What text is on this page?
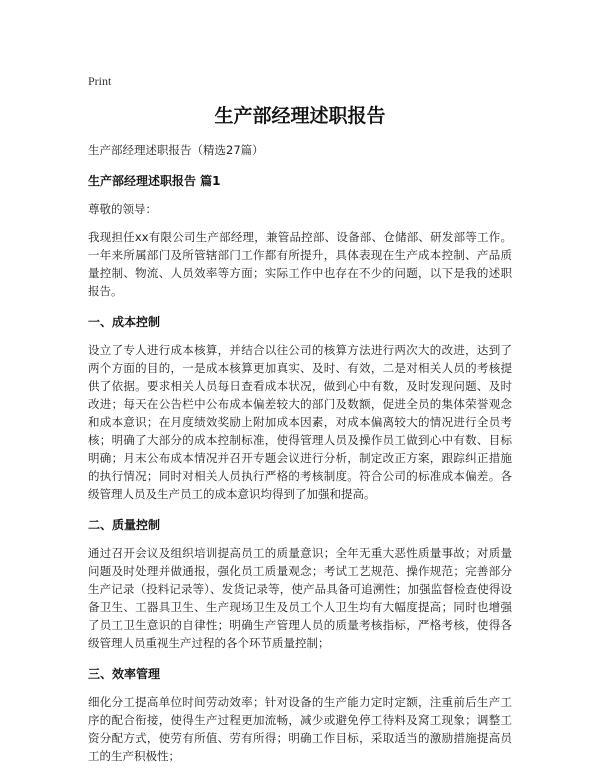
Print
生产部经理述职报告
生产部经理述职报告（精选27篇）
生产部经理述职报告 篇1
尊敬的领导：
我现担任xx有限公司生产部经理，兼管品控部、设备部、仓储部、研发部等工作。一年来所属部门及所管辖部门工作都有所提升，具体表现在生产成本控制、产品质量控制、物流、人员效率等方面；实际工作中也存在不少的问题，以下是我的述职报告。
一、成本控制
设立了专人进行成本核算，并结合以往公司的核算方法进行两次大的改进，达到了两个方面的目的，一是成本核算更加真实、及时、有效，二是对相关人员的考核提供了依据。要求相关人员每日查看成本状况，做到心中有数，及时发现问题、及时改进；每天在公告栏中公布成本偏差较大的部门及数额，促进全员的集体荣誉观念和成本意识；在月度绩效奖励上附加成本因素，对成本偏离较大的情况进行全员考核；明确了大部分的成本控制标准，使得管理人员及操作员工做到心中有数、目标明确；月末公布成本情况并召开专题会议进行分析，制定改正方案，跟踪纠正措施的执行情况；同时对相关人员执行严格的考核制度。符合公司的标准成本偏差。各级管理人员及生产员工的成本意识均得到了加强和提高。
二、质量控制
通过召开会议及组织培训提高员工的质量意识；全年无重大恶性质量事故；对质量问题及时处理并做通报，强化员工质量观念；考试工艺规范、操作规范；完善部分生产记录（投料记录等）、发货记录等，使产品具备可追溯性；加强监督检查使得设备卫生、工器具卫生、生产现场卫生及员工个人卫生均有大幅度提高；同时也增强了员工卫生意识的自律性；明确生产管理人员的质量考核指标，严格考核，使得各级管理人员重视生产过程的各个环节质量控制；
三、效率管理
细化分工提高单位时间劳动效率；针对设备的生产能力定时定额，注重前后生产工序的配合衔接，使得生产过程更加流畅，减少或避免停工待料及窝工现象；调整工资分配方式，使劳有所值、劳有所得；明确工作目标，采取适当的激励措施提高员工的生产积极性；
